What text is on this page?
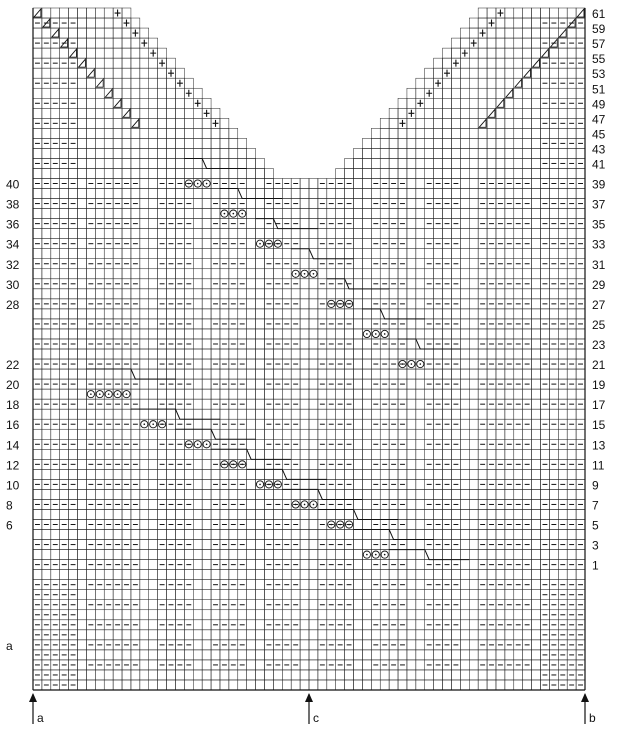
61
59
57
55
53
51
49
47
45
43
41
39
37
35
33
31
29
27
25
23
21
19
17
15
13
11
9
7
5
3
1
40
38
36
34
32
30
28
22
20
18
16
14
12
10
8
6
a
a	c	b
